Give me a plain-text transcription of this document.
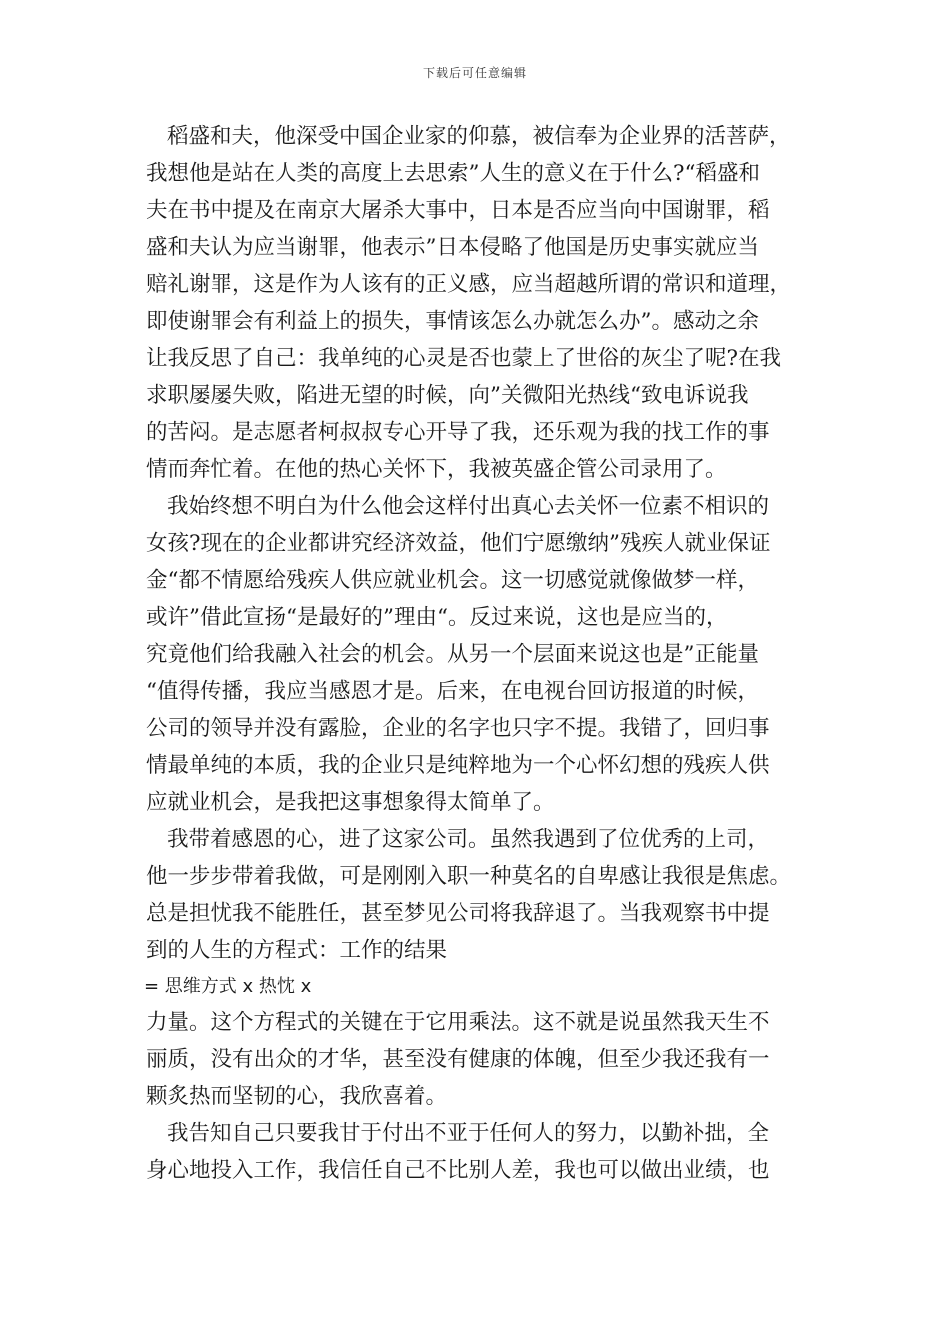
下载后可任意编辑
稻盛和夫，他深受中国企业家的仰慕，被信奉为企业界的活菩萨，
我想他是站在人类的高度上去思索”人生的意义在于什么?“稻盛和
夫在书中提及在南京大屠杀大事中，日本是否应当向中国谢罪，稻
盛和夫认为应当谢罪，他表示”日本侵略了他国是历史事实就应当
赔礼谢罪，这是作为人该有的正义感，应当超越所谓的常识和道理，
即使谢罪会有利益上的损失，事情该怎么办就怎么办”。感动之余
让我反思了自己：我单纯的心灵是否也蒙上了世俗的灰尘了呢?在我
求职屡屡失败，陷进无望的时候，向”关微阳光热线“致电诉说我
的苦闷。是志愿者柯叔叔专心开导了我，还乐观为我的找工作的事
情而奔忙着。在他的热心关怀下，我被英盛企管公司录用了。
我始终想不明白为什么他会这样付出真心去关怀一位素不相识的
女孩?现在的企业都讲究经济效益，他们宁愿缴纳”残疾人就业保证
金“都不情愿给残疾人供应就业机会。这一切感觉就像做梦一样，
或许”借此宣扬“是最好的”理由“。反过来说，这也是应当的，
究竟他们给我融入社会的机会。从另一个层面来说这也是”正能量
“值得传播，我应当感恩才是。后来，在电视台回访报道的时候，
公司的领导并没有露脸，企业的名字也只字不提。我错了，回归事
情最单纯的本质，我的企业只是纯粹地为一个心怀幻想的残疾人供
应就业机会，是我把这事想象得太简单了。
我带着感恩的心，进了这家公司。虽然我遇到了位优秀的上司，
他一步步带着我做，可是刚刚入职一种莫名的自卑感让我很是焦虑。
总是担忧我不能胜任，甚至梦见公司将我辞退了。当我观察书中提
到的人生的方程式：工作的结果
= 思维方式 x 热忱 x
力量。这个方程式的关键在于它用乘法。这不就是说虽然我天生不
丽质，没有出众的才华，甚至没有健康的体魄，但至少我还我有一
颗炙热而坚韧的心，我欣喜着。
我告知自己只要我甘于付出不亚于任何人的努力，以勤补拙，全
身心地投入工作，我信任自己不比别人差，我也可以做出业绩，也
